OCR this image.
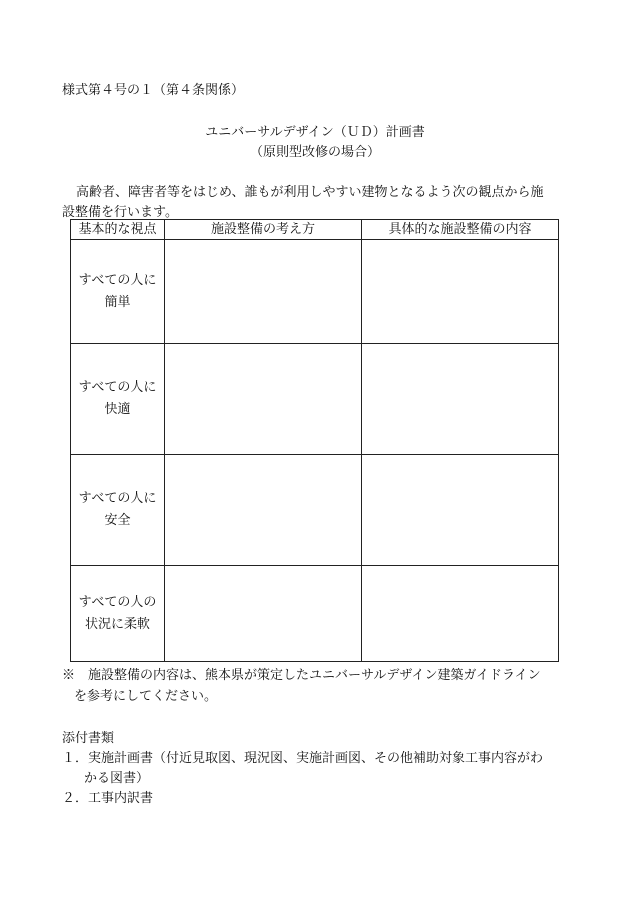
様式第４号の１（第４条関係）
ユニバーサルデザイン（ＵＤ）計画書
（原則型改修の場合）
高齢者、障害者等をはじめ、誰もが利用しやすい建物となるよう次の観点から施
設整備を行います。
基本的な視点	施設整備の考え方	具体的な施設整備の内容

すべての人に
簡単		

すべての人に
快適		

すべての人に
安全		

すべての人の
状況に柔軟		

※　施設整備の内容は、熊本県が策定したユニバーサルデザイン建築ガイドライン
を参考にしてください。
添付書類
１．実施計画書（付近見取図、現況図、実施計画図、その他補助対象工事内容がわ
かる図書）
２．工事内訳書
